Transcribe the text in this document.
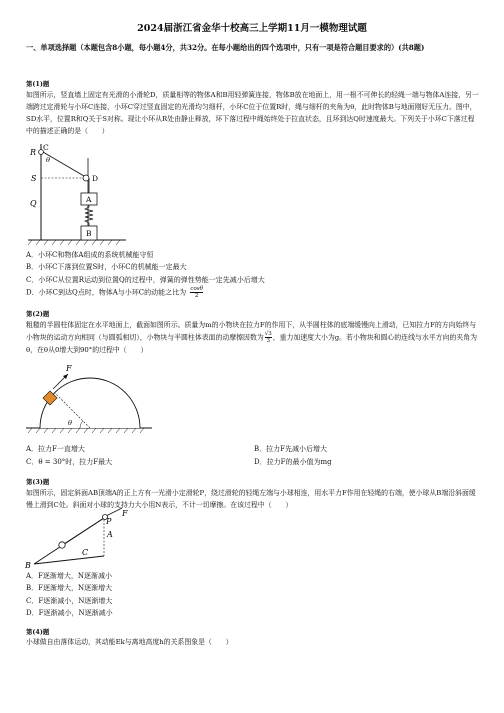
2024届浙江省金华十校高三上学期11月一模物理试题
一、单项选择题（本题包含8小题，每小题4分，共32分。在每小题给出的四个选项中，只有一项是符合题目要求的）(共8题)
第(1)题
如图所示，竖直墙上固定有光滑的小滑轮D，质量相等的物体A和B用轻弹簧连接，物体B放在地面上，用一根不可伸长的轻绳一端与物体A连接，另一端跨过定滑轮与小环C连接，小环C穿过竖直固定的光滑均匀细杆，小环C位于位置R时，绳与细杆的夹角为θ，此时物体B与地面刚好无压力。图中，SD水平，位置R和Q关于S对称。现让小环从R处由静止释放，环下落过程中绳始终处于拉直状态，且环到达Q时速度最大。下列关于小环C下落过程中的描述正确的是（　　）
R
C
θ
S	D
Q	A
B
A．小环C和物体A组成的系统机械能守恒
B．小环C下落到位置S时，小环C的机械能一定最大
C．小环C从位置R运动到位置Q的过程中，弹簧的弹性势能一定先减小后增大
D．小环C到达Q点时，物体A与小环C的动能之比为 $\frac{\cos\theta}{2}$
第(2)题
粗糙的半圆柱体固定在水平地面上，截面如图所示。质量为m的小物块在拉力F的作用下，从半圆柱体的底端缓慢向上滑动，已知拉力F的方向始终与小物块的运动方向相同（与圆弧相切），小物块与半圆柱体表面的动摩擦因数为 $\frac{√3}{3}$ ，重力加速度大小为g。若小物块和圆心的连线与水平方向的夹角为θ，在θ从0增大到90°的过程中（　　）
F
θ
A．拉力F一直增大	B．拉力F先减小后增大
C．θ = 30°时，拉力F最大	D．拉力F的最小值为mg
第(3)题
如图所示，固定斜面AB顶端A的正上方有一光滑小定滑轮P，绕过滑轮的轻绳左端与小球相连，用水平力F作用在轻绳的右端，使小球从B端沿斜面缓慢上滑到C处。斜面对小球的支持力大小用N表示，不计一切摩擦。在该过程中（　　）
P
F
A
C
B
A．F逐渐增大，N逐渐减小
B．F逐渐增大，N逐渐增大
C．F逐渐减小，N逐渐增大
D．F逐渐减小，N逐渐减小
第(4)题
小球做自由落体运动，其动能Ek与离地高度h的关系图象是（　　）
